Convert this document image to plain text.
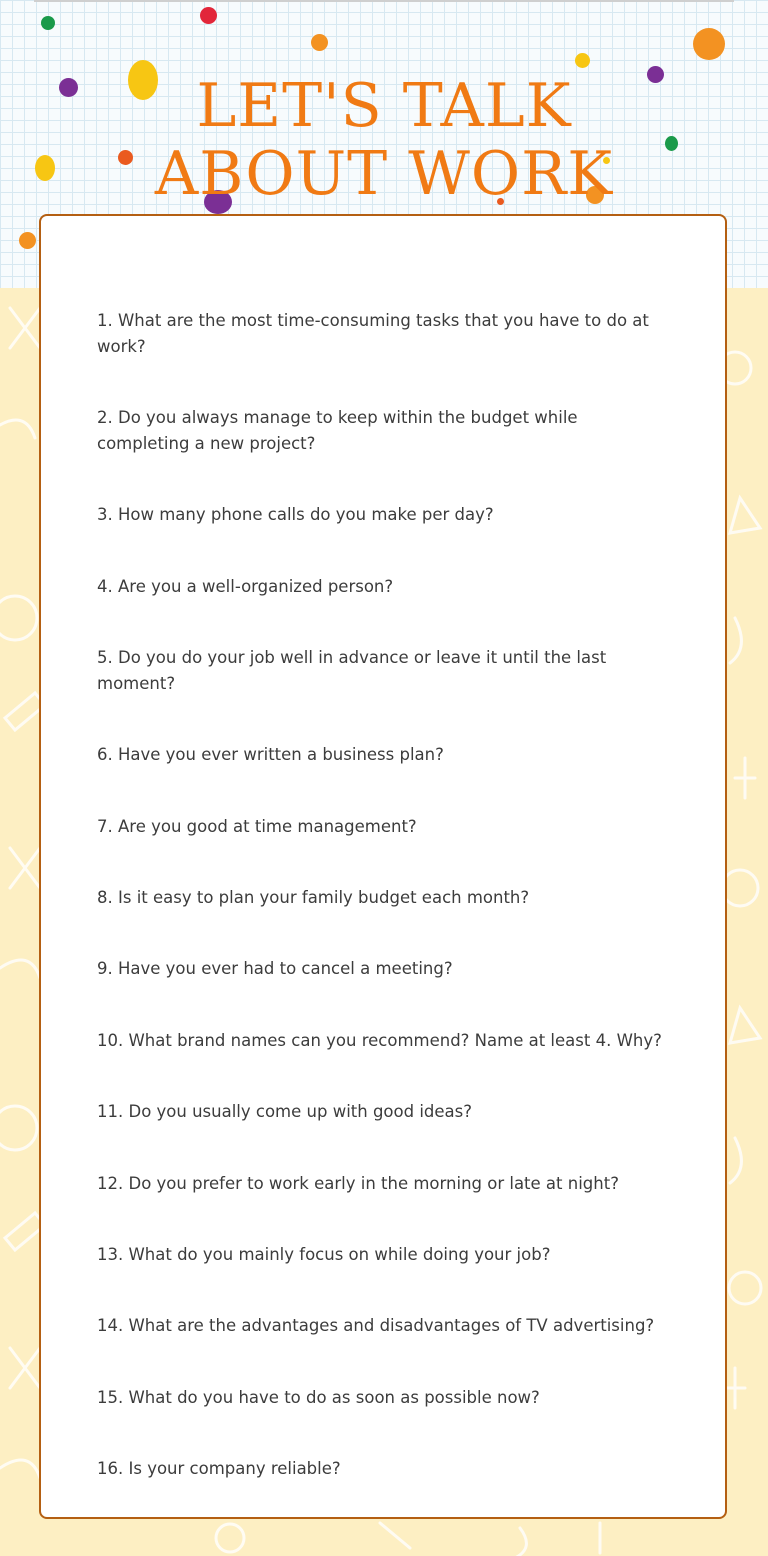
LET'S TALK
ABOUT WORK

1. What are the most time-consuming tasks that you have to do at work?

2. Do you always manage to keep within the budget while completing a new project?

3. How many phone calls do you make per day?

4. Are you a well-organized person?

5. Do you do your job well in advance or leave it until the last moment?

6. Have you ever written a business plan?

7. Are you good at time management?

8. Is it easy to plan your family budget each month?

9. Have you ever had to cancel a meeting?

10. What brand names can you recommend? Name at least 4. Why?

11. Do you usually come up with good ideas?

12. Do you prefer to work early in the morning or late at night?

13. What do you mainly focus on while doing your job?

14. What are the advantages and disadvantages of TV advertising?

15. What do you have to do as soon as possible now?

16. Is your company reliable?
